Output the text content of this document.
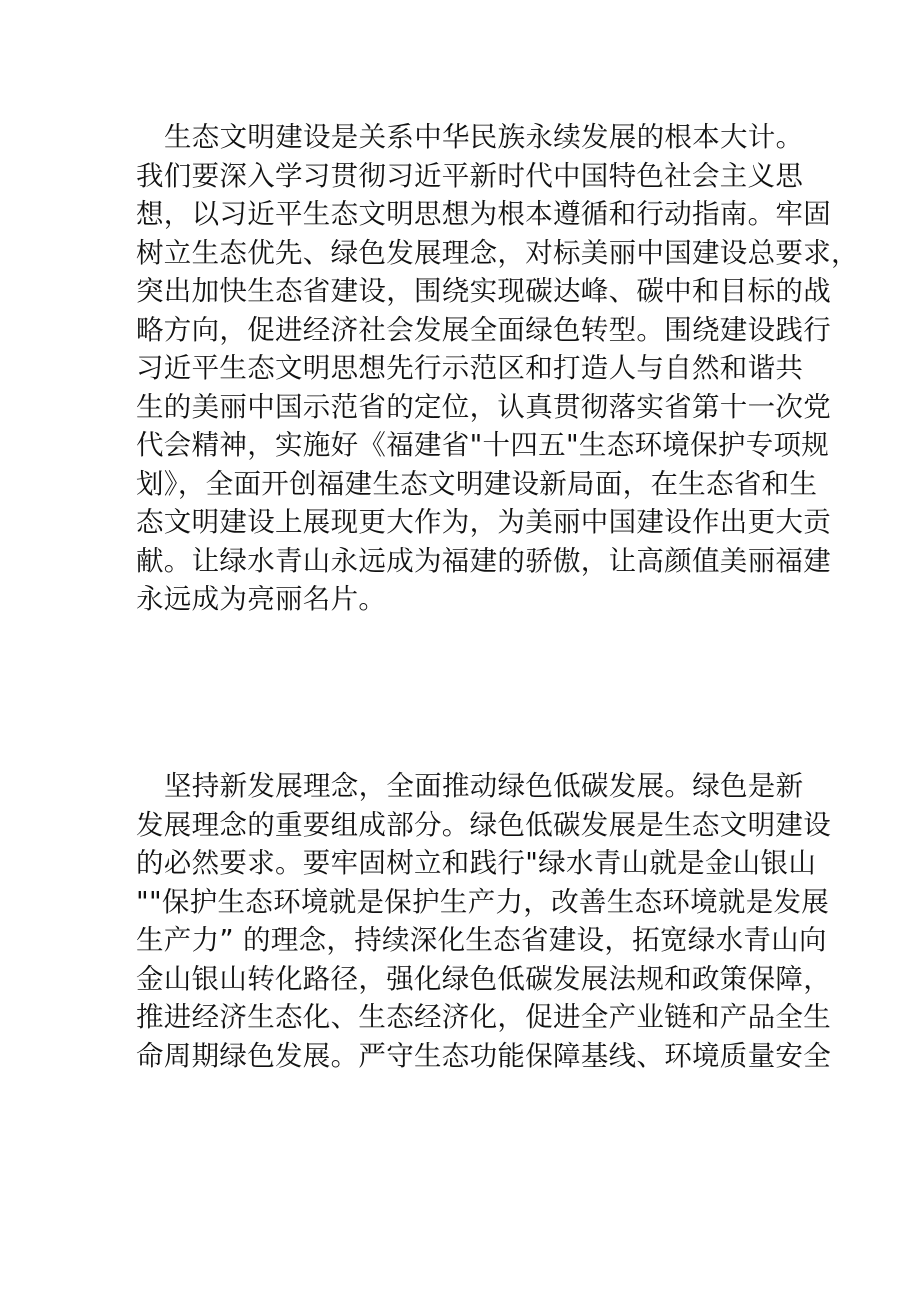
生态文明建设是关系中华民族永续发展的根本大计。
我们要深入学习贯彻习近平新时代中国特色社会主义思
想，以习近平生态文明思想为根本遵循和行动指南。牢固
树立生态优先、绿色发展理念，对标美丽中国建设总要求，
突出加快生态省建设，围绕实现碳达峰、碳中和目标的战
略方向，促进经济社会发展全面绿色转型。围绕建设践行
习近平生态文明思想先行示范区和打造人与自然和谐共
生的美丽中国示范省的定位，认真贯彻落实省第十一次党
代会精神，实施好《福建省"十四五"生态环境保护专项规
划》，全面开创福建生态文明建设新局面，在生态省和生
态文明建设上展现更大作为，为美丽中国建设作出更大贡
献。让绿水青山永远成为福建的骄傲，让高颜值美丽福建
永远成为亮丽名片。
坚持新发展理念，全面推动绿色低碳发展。绿色是新
发展理念的重要组成部分。绿色低碳发展是生态文明建设
的必然要求。要牢固树立和践行"绿水青山就是金山银山
""保护生态环境就是保护生产力，改善生态环境就是发展
生产力” 的理念，持续深化生态省建设，拓宽绿水青山向
金山银山转化路径，强化绿色低碳发展法规和政策保障，
推进经济生态化、生态经济化，促进全产业链和产品全生
命周期绿色发展。严守生态功能保障基线、环境质量安全
